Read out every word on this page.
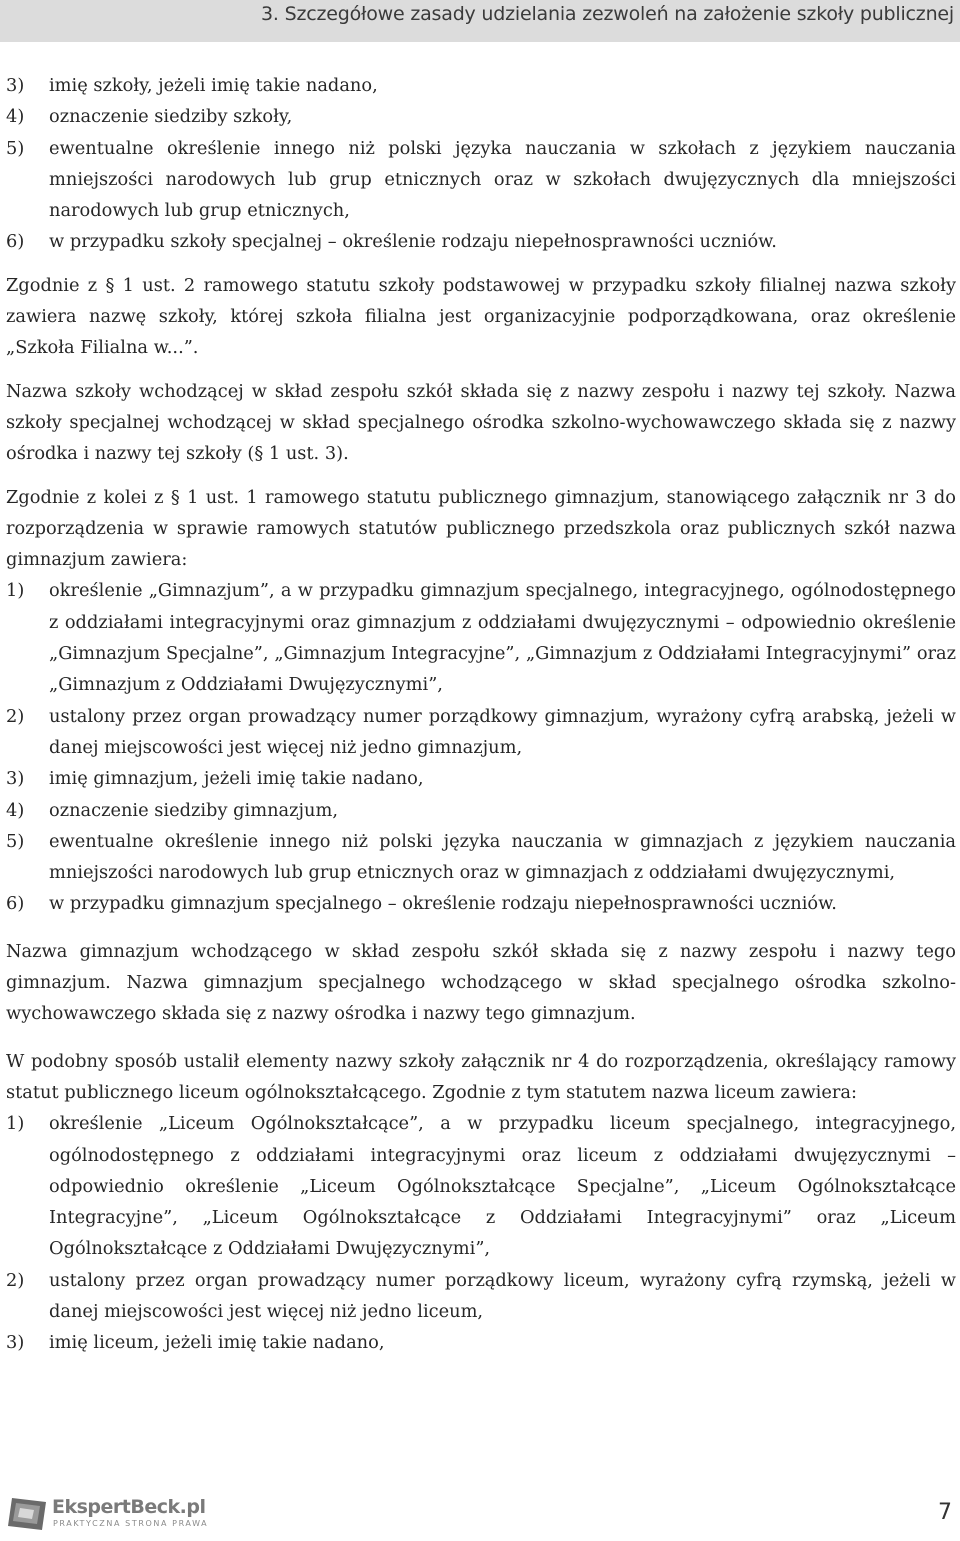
3. Szczegółowe zasady udzielania zezwoleń na założenie szkoły publicznej
3) imię szkoły, jeżeli imię takie nadano,
4) oznaczenie siedziby szkoły,
5) ewentualne określenie innego niż polski języka nauczania w szkołach z językiem nauczania mniejszości narodowych lub grup etnicznych oraz w szkołach dwujęzycznych dla mniejszości narodowych lub grup etnicznych,
6) w przypadku szkoły specjalnej – określenie rodzaju niepełnosprawności uczniów.

Zgodnie z § 1 ust. 2 ramowego statutu szkoły podstawowej w przypadku szkoły filialnej nazwa szkoły zawiera nazwę szkoły, której szkoła filialna jest organizacyjnie podporządkowana, oraz określenie „Szkoła Filialna w...”.

Nazwa szkoły wchodzącej w skład zespołu szkół składa się z nazwy zespołu i nazwy tej szkoły. Nazwa szkoły specjalnej wchodzącej w skład specjalnego ośrodka szkolno-wychowawczego składa się z nazwy ośrodka i nazwy tej szkoły (§ 1 ust. 3).

Zgodnie z kolei z § 1 ust. 1 ramowego statutu publicznego gimnazjum, stanowiącego załącznik nr 3 do rozporządzenia w sprawie ramowych statutów publicznego przedszkola oraz publicznych szkół nazwa gimnazjum zawiera:

1) określenie „Gimnazjum”, a w przypadku gimnazjum specjalnego, integracyjnego, ogólnodostępnego z oddziałami integracyjnymi oraz gimnazjum z oddziałami dwujęzycznymi – odpowiednio określenie „Gimnazjum Specjalne”, „Gimnazjum Integracyjne”, „Gimnazjum z Oddziałami Integracyjnymi” oraz „Gimnazjum z Oddziałami Dwujęzycznymi”,
2) ustalony przez organ prowadzący numer porządkowy gimnazjum, wyrażony cyfrą arabską, jeżeli w danej miejscowości jest więcej niż jedno gimnazjum,
3) imię gimnazjum, jeżeli imię takie nadano,
4) oznaczenie siedziby gimnazjum,
5) ewentualne określenie innego niż polski języka nauczania w gimnazjach z językiem nauczania mniejszości narodowych lub grup etnicznych oraz w gimnazjach z oddziałami dwujęzycznymi,
6) w przypadku gimnazjum specjalnego – określenie rodzaju niepełnosprawności uczniów.

Nazwa gimnazjum wchodzącego w skład zespołu szkół składa się z nazwy zespołu i nazwy tego gimnazjum. Nazwa gimnazjum specjalnego wchodzącego w skład specjalnego ośrodka szkolno-wychowawczego składa się z nazwy ośrodka i nazwy tego gimnazjum.

W podobny sposób ustalił elementy nazwy szkoły załącznik nr 4 do rozporządzenia, określający ramowy statut publicznego liceum ogólnokształcącego. Zgodnie z tym statutem nazwa liceum zawiera:

1) określenie „Liceum Ogólnokształcące”, a w przypadku liceum specjalnego, integracyjnego, ogólnodostępnego z oddziałami integracyjnymi oraz liceum z oddziałami dwujęzycznymi – odpowiednio określenie „Liceum Ogólnokształcące Specjalne”, „Liceum Ogólnokształcące Integracyjne”, „Liceum Ogólnokształcące z Oddziałami Integracyjnymi” oraz „Liceum Ogólnokształcące z Oddziałami Dwujęzycznymi”,
2) ustalony przez organ prowadzący numer porządkowy liceum, wyrażony cyfrą rzymską, jeżeli w danej miejscowości jest więcej niż jedno liceum,
3) imię liceum, jeżeli imię takie nadano,
EkspertBeck.pl
PRAKTYCZNA STRONA PRAWA	7
